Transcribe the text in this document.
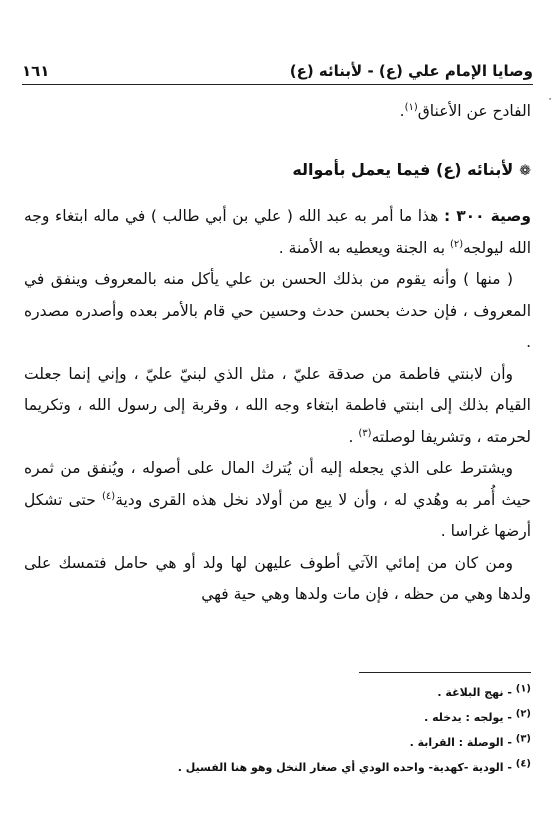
وصايا الإمام علي (ع) - لأبنائه (ع)
١٦١
٠

الفادح عن الأعناق$^{(١)}$.

❁لأبنائه (ع) فيما يعمل بأمواله

وصية ٣٠٠ : هذا ما أمر به عبد الله ( علي بن أبي طالب ) في ماله ابتغاء وجه الله ليولجه$^{(٢)}$ به الجنة ويعطيه به الأمنة .

( منها ) وأنه يقوم من بذلك الحسن بن علي يأكل منه بالمعروف وينفق في المعروف ، فإن حدث بحسن حدث وحسين حي قام بالأمر بعده وأصدره مصدره .

وأن لابنتي فاطمة من صدقة عليّ ، مثل الذي لبنيّ عليّ ، وإني إنما جعلت القيام بذلك إلى ابنتي فاطمة ابتغاء وجه الله ، وقربة إلى رسول الله ، وتكريما لحرمته ، وتشريفا لوصلته$^{(٣)}$ .

ويشترط على الذي يجعله إليه أن يُترك المال على أصوله ، ويُنفق من ثمره حيث أُمر به وهُدي له ، وأن لا يبع من أولاد نخل هذه القرى ودية$^{(٤)}$ حتى تشكل أرضها غراسا .

ومن كان من إمائي الآتي أطوف عليهن لها ولد أو هي حامل فتمسك على ولدها وهي من حظه ، فإن مات ولدها وهي حية فهي

(١) - نهج البلاغة .

(٢) - يولجه : يدخله .

(٣) - الوصلة : القرابة .

(٤) - الودية -كهدية- واحده الودي أي صغار النخل وهو هنا الفسيل .
